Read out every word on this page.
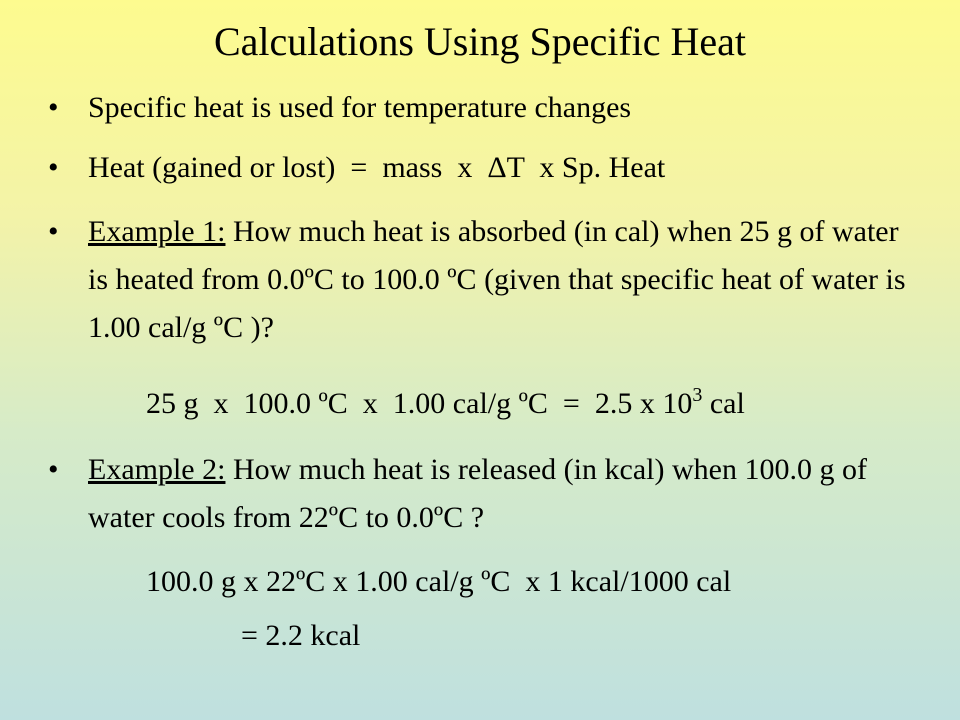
Calculations Using Specific Heat
• Specific heat is used for temperature changes
• Heat (gained or lost)  =  mass  x  ΔT  x Sp. Heat
• Example 1: How much heat is absorbed (in cal) when 25 g of water is heated from 0.0ºC to 100.0 ºC (given that specific heat of water is 1.00 cal/g ºC )?
25 g  x  100.0 ºC  x  1.00 cal/g ºC  =  2.5 x $10^3$ cal
• Example 2: How much heat is released (in kcal) when 100.0 g of water cools from 22ºC to 0.0ºC ?
100.0 g x 22ºC x 1.00 cal/g ºC  x 1 kcal/1000 cal
= 2.2 kcal
